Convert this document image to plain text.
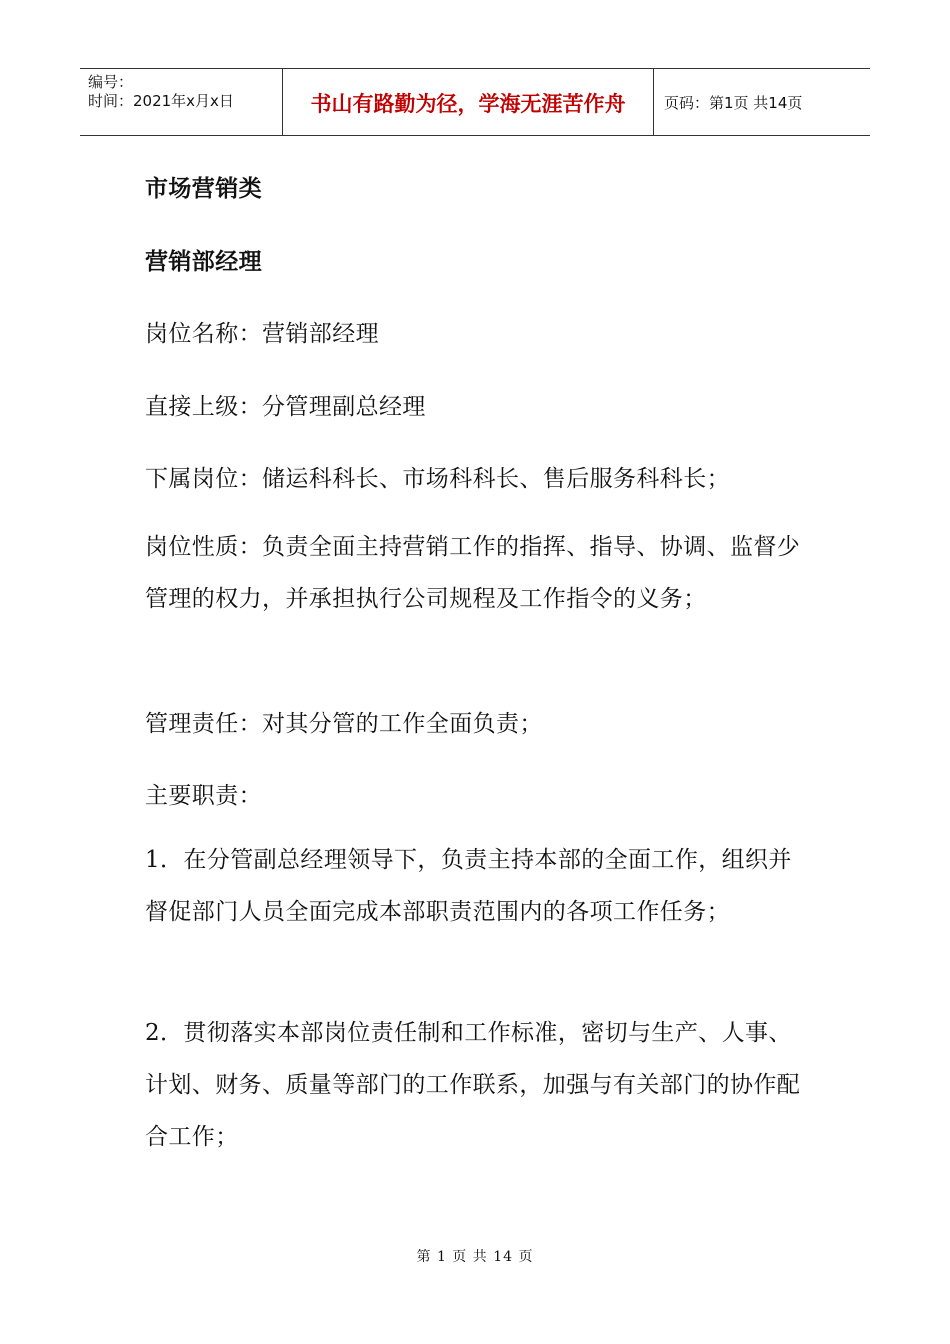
编号：
时间：2021年x月x日	书山有路勤为径，学海无涯苦作舟	页码：第1页 共14页
市场营销类
营销部经理
岗位名称：营销部经理
直接上级：分管理副总经理
下属岗位：储运科科长、市场科科长、售后服务科科长；
岗位性质：负责全面主持营销工作的指挥、指导、协调、监督少管理的权力，并承担执行公司规程及工作指令的义务；
管理责任：对其分管的工作全面负责；
主要职责：
1．在分管副总经理领导下，负责主持本部的全面工作，组织并督促部门人员全面完成本部职责范围内的各项工作任务；
2．贯彻落实本部岗位责任制和工作标准，密切与生产、人事、计划、财务、质量等部门的工作联系，加强与有关部门的协作配合工作；
第 1 页 共 14 页
